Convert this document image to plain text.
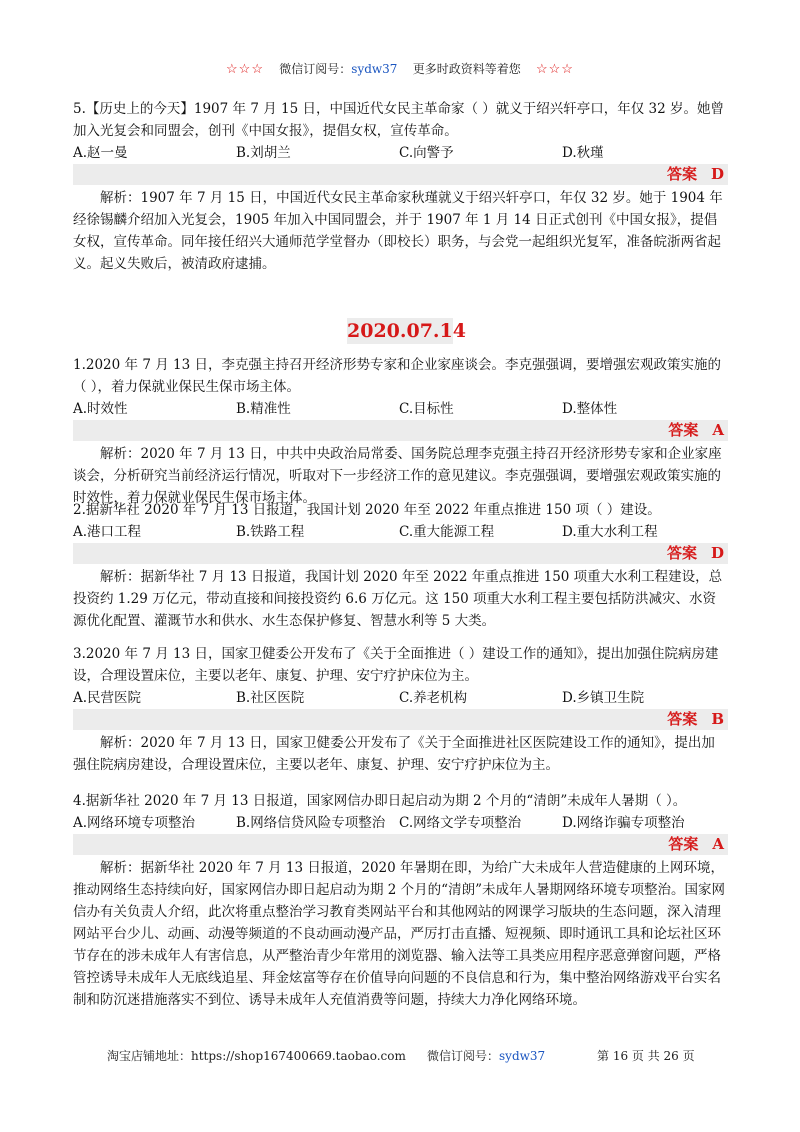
☆☆☆ 微信订阅号：sydw37 更多时政资料等着您 ☆☆☆

5.【历史上的今天】1907 年 7 月 15 日，中国近代女民主革命家（ ）就义于绍兴轩亭口，年仅 32 岁。她曾加入光复会和同盟会，创刊《中国女报》，提倡女权，宣传革命。

A.赵一曼	B.刘胡兰	C.向警予	D.秋瑾
答案 D

解析：1907 年 7 月 15 日，中国近代女民主革命家秋瑾就义于绍兴轩亭口，年仅 32 岁。她于 1904 年经徐锡麟介绍加入光复会，1905 年加入中国同盟会，并于 1907 年 1 月 14 日正式创刊《中国女报》，提倡女权，宣传革命。同年接任绍兴大通师范学堂督办（即校长）职务，与会党一起组织光复军，准备皖浙两省起义。起义失败后，被清政府逮捕。

2020.07.14

1.2020 年 7 月 13 日，李克强主持召开经济形势专家和企业家座谈会。李克强强调，要增强宏观政策实施的（ ），着力保就业保民生保市场主体。

A.时效性	B.精准性	C.目标性	D.整体性
答案 A

解析：2020 年 7 月 13 日，中共中央政治局常委、国务院总理李克强主持召开经济形势专家和企业家座谈会，分析研究当前经济运行情况，听取对下一步经济工作的意见建议。李克强强调，要增强宏观政策实施的时效性，着力保就业保民生保市场主体。

2.据新华社 2020 年 7 月 13 日报道，我国计划 2020 年至 2022 年重点推进 150 项（ ）建设。

A.港口工程	B.铁路工程	C.重大能源工程	D.重大水利工程
答案 D

解析：据新华社 7 月 13 日报道，我国计划 2020 年至 2022 年重点推进 150 项重大水利工程建设，总投资约 1.29 万亿元，带动直接和间接投资约 6.6 万亿元。这 150 项重大水利工程主要包括防洪减灾、水资源优化配置、灌溉节水和供水、水生态保护修复、智慧水利等 5 大类。

3.2020 年 7 月 13 日，国家卫健委公开发布了《关于全面推进（ ）建设工作的通知》，提出加强住院病房建设，合理设置床位，主要以老年、康复、护理、安宁疗护床位为主。

A.民营医院	B.社区医院	C.养老机构	D.乡镇卫生院
答案 B

解析：2020 年 7 月 13 日，国家卫健委公开发布了《关于全面推进社区医院建设工作的通知》，提出加强住院病房建设，合理设置床位，主要以老年、康复、护理、安宁疗护床位为主。

4.据新华社 2020 年 7 月 13 日报道，国家网信办即日起启动为期 2 个月的“清朗”未成年人暑期（ ）。

A.网络环境专项整治	B.网络信贷风险专项整治	C.网络文学专项整治	D.网络诈骗专项整治
答案 A

解析：据新华社 2020 年 7 月 13 日报道，2020 年暑期在即，为给广大未成年人营造健康的上网环境，推动网络生态持续向好，国家网信办即日起启动为期 2 个月的“清朗”未成年人暑期网络环境专项整治。国家网信办有关负责人介绍，此次将重点整治学习教育类网站平台和其他网站的网课学习版块的生态问题，深入清理网站平台少儿、动画、动漫等频道的不良动画动漫产品，严厉打击直播、短视频、即时通讯工具和论坛社区环节存在的涉未成年人有害信息，从严整治青少年常用的浏览器、输入法等工具类应用程序恶意弹窗问题，严格管控诱导未成年人无底线追星、拜金炫富等存在价值导向问题的不良信息和行为，集中整治网络游戏平台实名制和防沉迷措施落实不到位、诱导未成年人充值消费等问题，持续大力净化网络环境。

淘宝店铺地址：https://shop167400669.taobao.com 微信订阅号：sydw37	第 16 页 共 26 页
